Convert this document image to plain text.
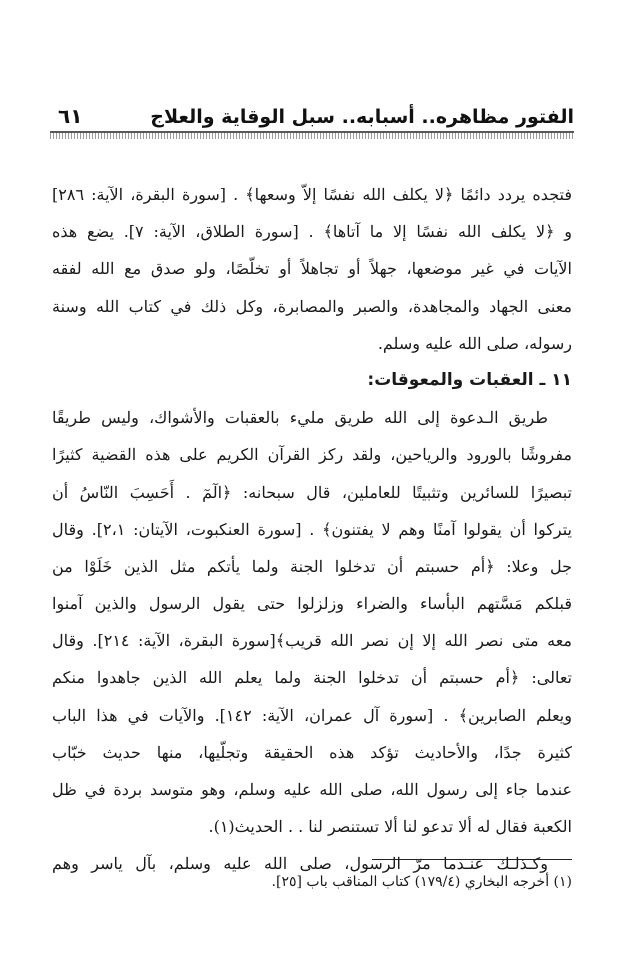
٦١	الفتور مظاهره.. أسبابه.. سبل الوقاية والعلاج
فتجده يردد دائمًا ﴿لا يكلف الله نفسًا إلاّ وسعها﴾ . [سورة البقرة، الآية: ٢٨٦]
و ﴿لا يكلف الله نفسًا إلا ما آتاها﴾ . [سورة الطلاق، الآية: ٧]. يضع هذه
الآيات في غير موضعها، جهلاً أو تجاهلاً أو تخلّصًا، ولو صدق مع الله لفقه
معنى الجهاد والمجاهدة، والصبر والمصابرة، وكل ذلك في كتاب الله وسنة
رسوله، صلى الله عليه وسلم.
١١ ـ العقبات والمعوقات:
طريق الـدعوة إلى الله طريق مليء بالعقبات والأشواك، وليس طريقًا
مفروشًا بالورود والرياحين، ولقد ركز القرآن الكريم على هذه القضية كثيرًا
تبصيرًا للسائرين وتثبيتًا للعاملين، قال سبحانه: ﴿الٓمٓ . أَحَسِبَ النّاسُ أن
يتركوا أن يقولوا آمنًا وهم لا يفتنون﴾ . [سورة العنكبوت، الآيتان: ٢،١]. وقال
جل وعلا: ﴿أم حسبتم أن تدخلوا الجنة ولما يأتكم مثل الذين خَلَوْا من
قبلكم مَسَّتهم البأساء والضراء وزلزلوا حتى يقول الرسول والذين آمنوا
معه متى نصر الله إلا إن نصر الله قريب﴾[سورة البقرة، الآية: ٢١٤]. وقال
تعالى: ﴿أم حسبتم أن تدخلوا الجنة ولما يعلم الله الذين جاهدوا منكم
ويعلم الصابرين﴾ . [سورة آل عمران، الآية: ١٤٢]. والآيات في هذا الباب
كثيرة جدًا، والأحاديث تؤكد هذه الحقيقة وتجلّيها، منها حديث خبّاب
عندما جاء إلى رسول الله، صلى الله عليه وسلم، وهو متوسد بردة في ظل
الكعبة فقال له ألا تدعو لنا ألا تستنصر لنا . . الحديث(١).
وكـذلـك عنـدما مرّ الرسول، صلى الله عليه وسلم، بآل ياسر وهم
(١) أخرجه البخاري (١٧٩/٤) كتاب المناقب باب [٢٥].
